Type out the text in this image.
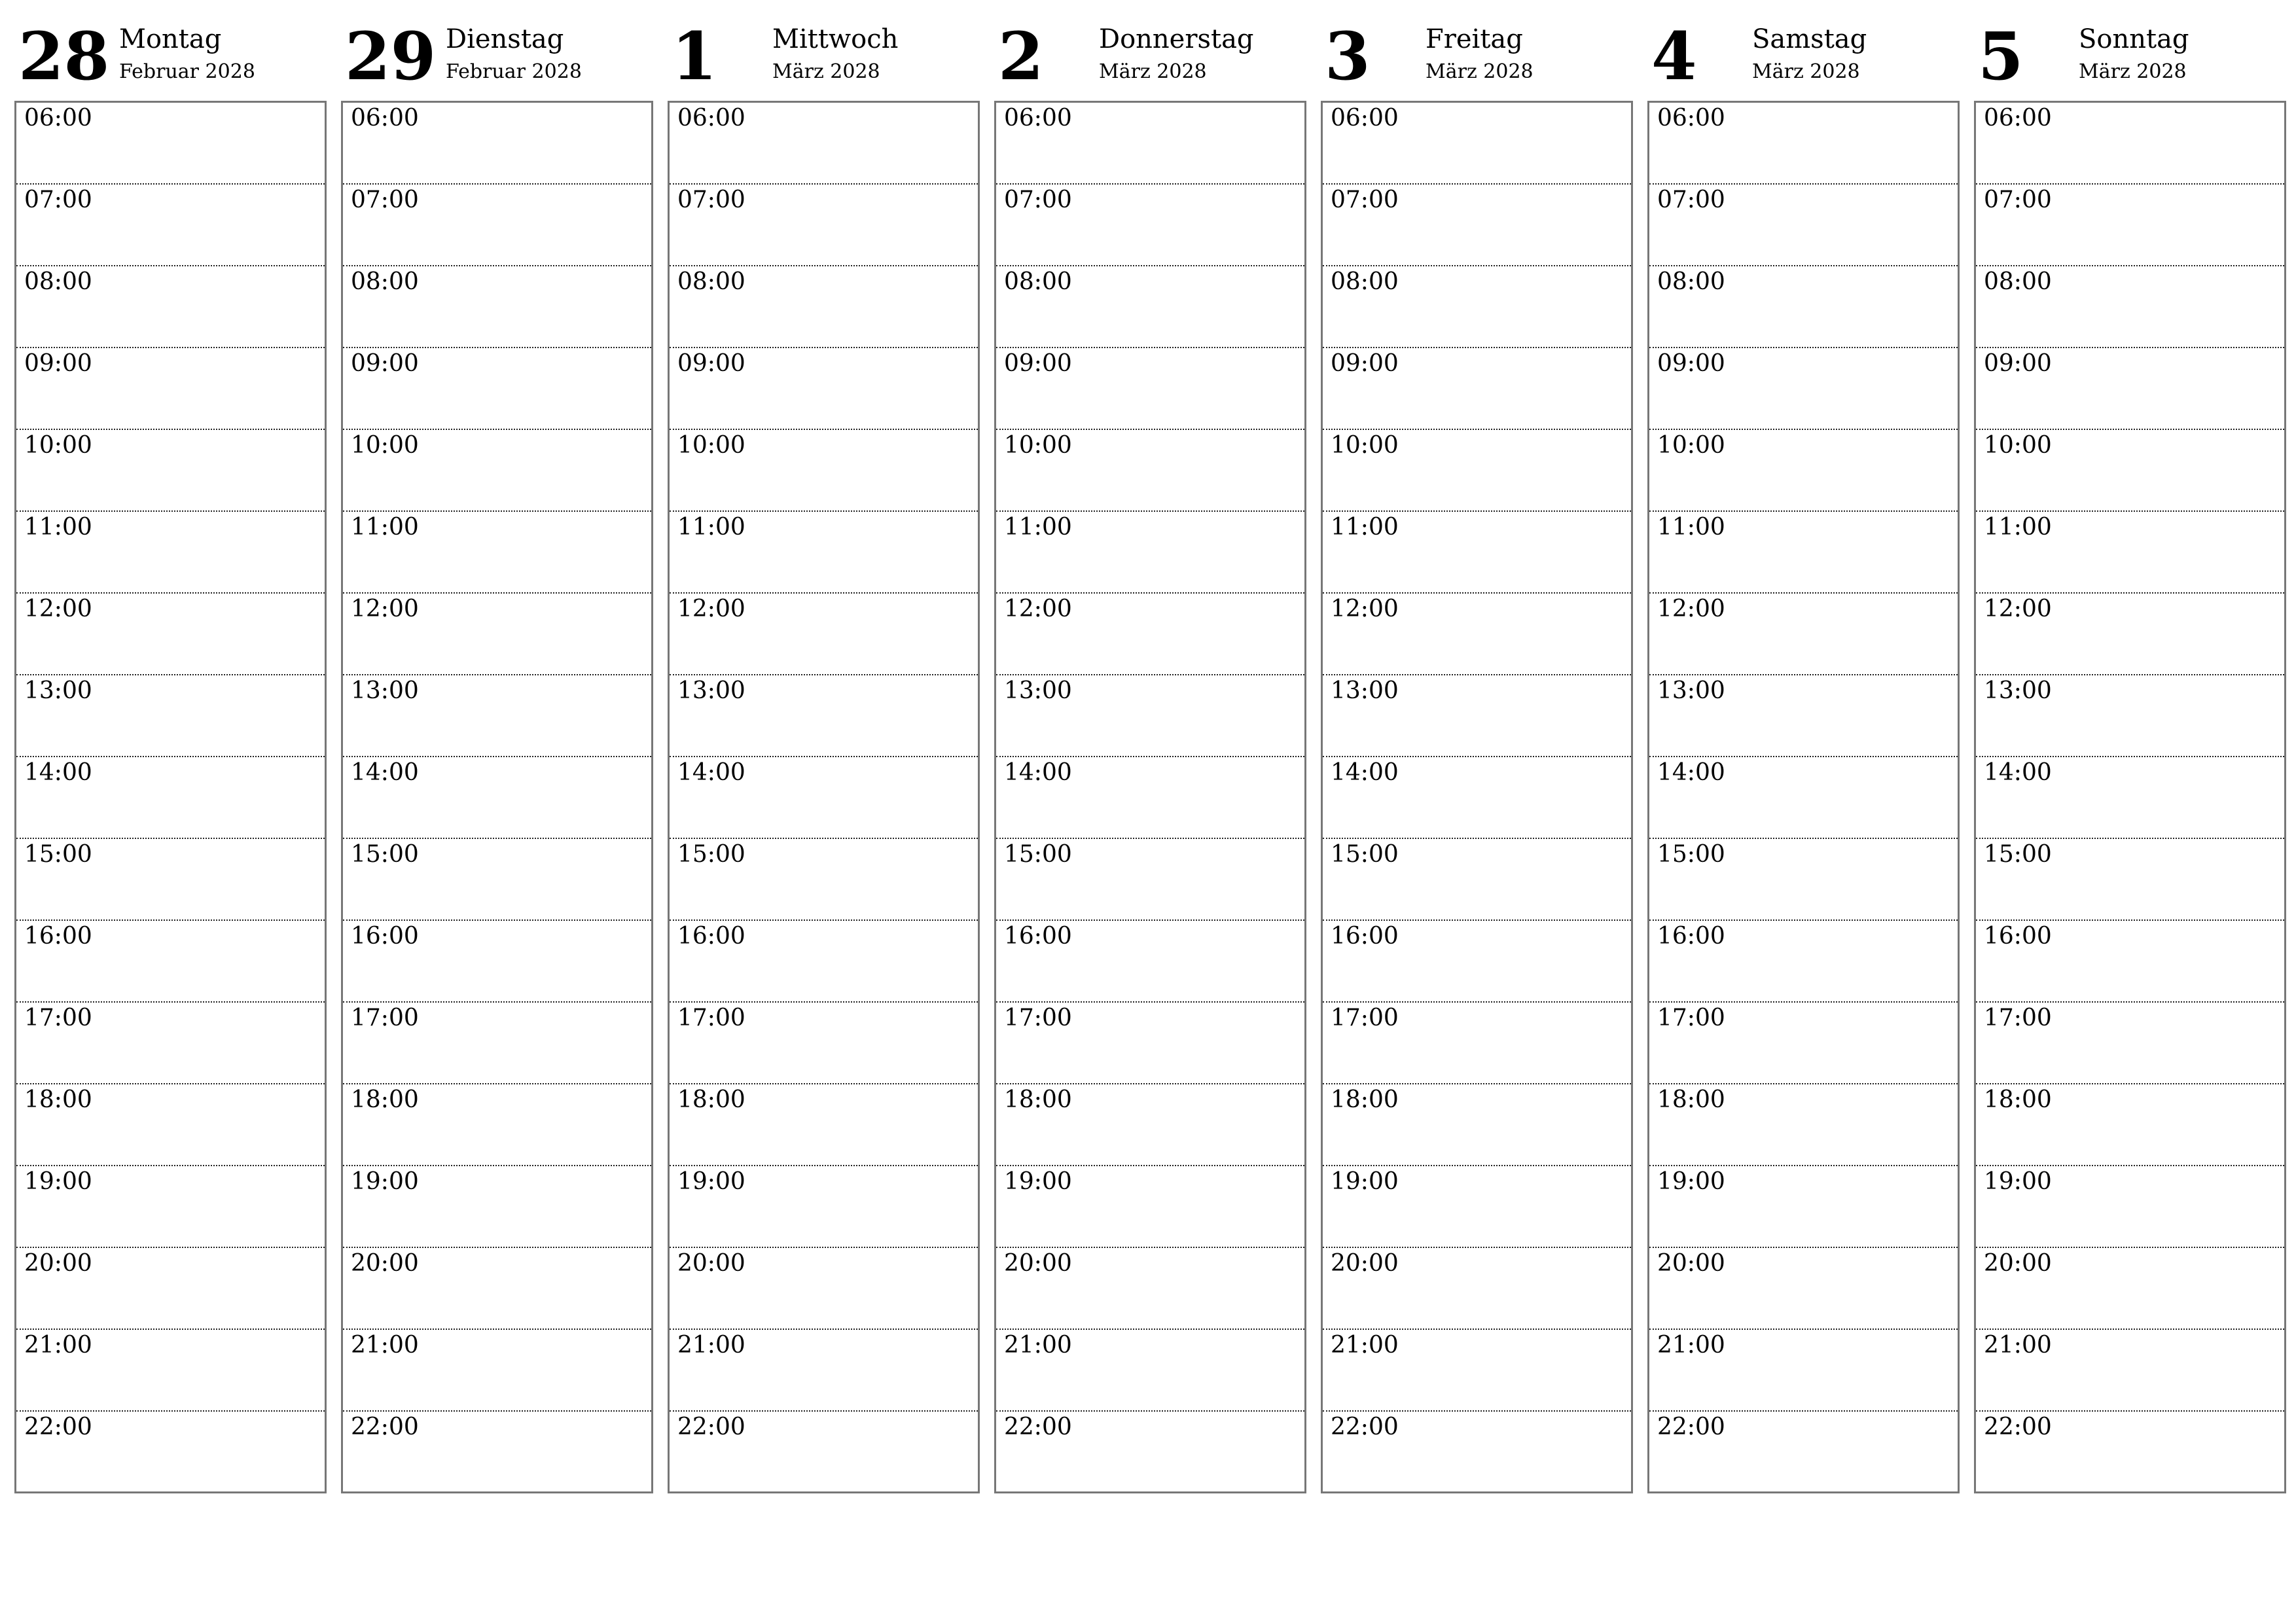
28 Montag
Februar 2028
06:00
07:00
08:00
09:00
10:00
11:00
12:00
13:00
14:00
15:00
16:00
17:00
18:00
19:00
20:00
21:00
22:00
29 Dienstag
Februar 2028
06:00
07:00
08:00
09:00
10:00
11:00
12:00
13:00
14:00
15:00
16:00
17:00
18:00
19:00
20:00
21:00
22:00
1 Mittwoch
März 2028
06:00
07:00
08:00
09:00
10:00
11:00
12:00
13:00
14:00
15:00
16:00
17:00
18:00
19:00
20:00
21:00
22:00
2 Donnerstag
März 2028
06:00
07:00
08:00
09:00
10:00
11:00
12:00
13:00
14:00
15:00
16:00
17:00
18:00
19:00
20:00
21:00
22:00
3 Freitag
März 2028
06:00
07:00
08:00
09:00
10:00
11:00
12:00
13:00
14:00
15:00
16:00
17:00
18:00
19:00
20:00
21:00
22:00
4 Samstag
März 2028
06:00
07:00
08:00
09:00
10:00
11:00
12:00
13:00
14:00
15:00
16:00
17:00
18:00
19:00
20:00
21:00
22:00
5 Sonntag
März 2028
06:00
07:00
08:00
09:00
10:00
11:00
12:00
13:00
14:00
15:00
16:00
17:00
18:00
19:00
20:00
21:00
22:00
